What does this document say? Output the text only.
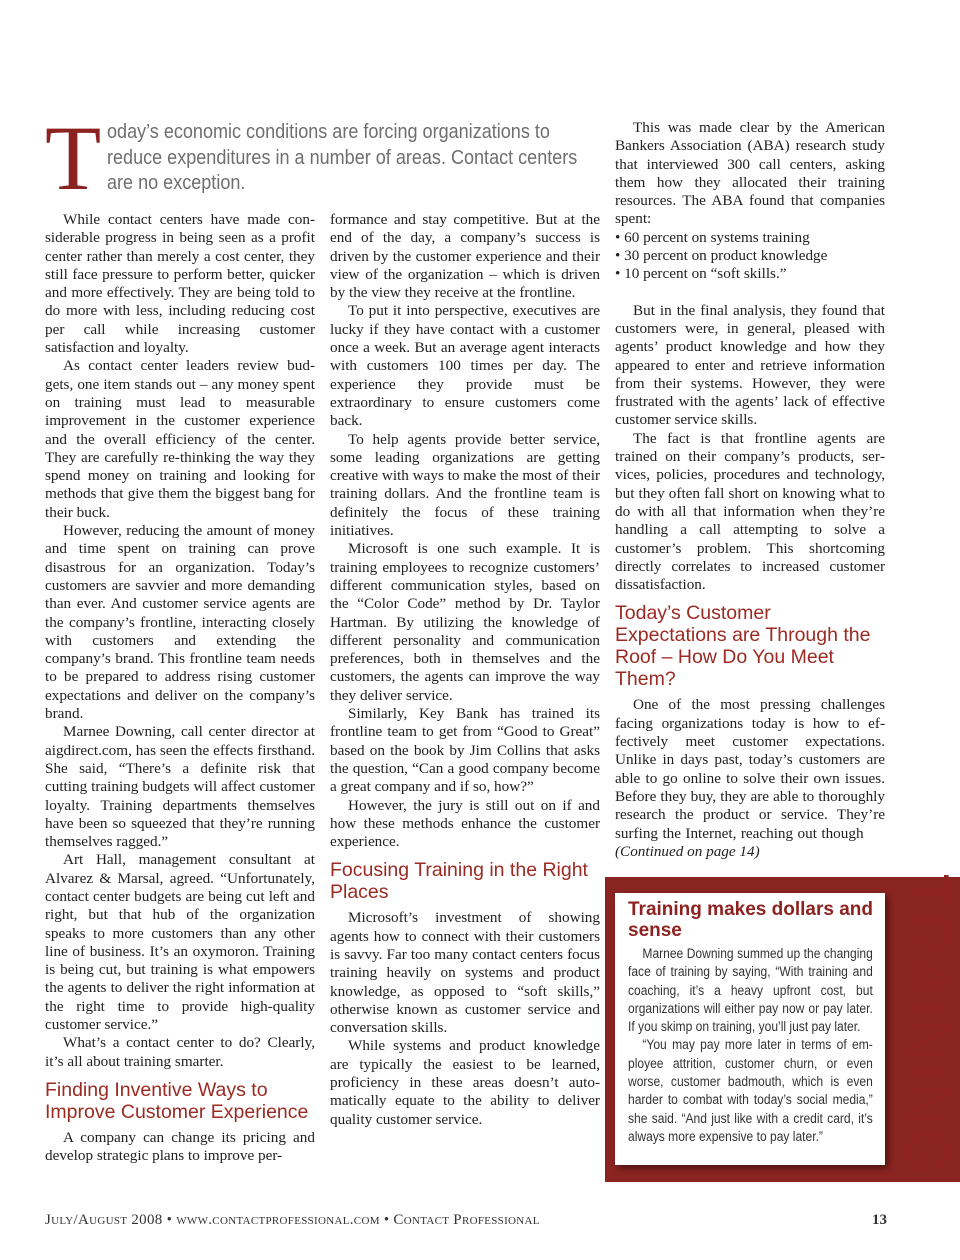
T oday’s economic conditions are forcing organizations to reduce expenditures in a number of areas. Contact centers are no exception.

While contact centers have made considerable progress in being seen as a profit center rather than merely a cost center, they still face pressure to perform better, quicker and more effectively. They are being told to do more with less, including reducing cost per call while increasing customer satisfaction and loyalty.

As contact center leaders review budgets, one item stands out – any money spent on training must lead to measurable improvement in the customer experience and the overall efficiency of the center. They are carefully re-thinking the way they spend money on training and looking for methods that give them the biggest bang for their buck.

However, reducing the amount of money and time spent on training can prove disastrous for an organization. Today’s customers are savvier and more demanding than ever. And customer service agents are the company’s frontline, interacting closely with customers and extending the company’s brand. This frontline team needs to be prepared to address rising customer expectations and deliver on the company’s brand.

Marnee Downing, call center director at aigdirect.com, has seen the effects firsthand. She said, “There’s a definite risk that cutting training budgets will affect customer loyalty. Training departments themselves have been so squeezed that they’re running themselves ragged.”

Art Hall, management consultant at Alvarez & Marsal, agreed. “Unfortunately, contact center budgets are being cut left and right, but that hub of the organization speaks to more customers than any other line of business. It’s an oxymoron. Training is being cut, but training is what empowers the agents to deliver the right information at the right time to provide high-quality customer service.”

What’s a contact center to do? Clearly, it’s all about training smarter.

Finding Inventive Ways to Improve Customer Experience

A company can change its pricing and develop strategic plans to improve per-

formance and stay competitive. But at the end of the day, a company’s success is driven by the customer experience and their view of the organization – which is driven by the view they receive at the frontline.

To put it into perspective, executives are lucky if they have contact with a customer once a week. But an average agent interacts with customers 100 times per day. The experience they provide must be extraordinary to ensure customers come back.

To help agents provide better service, some leading organizations are getting creative with ways to make the most of their training dollars. And the frontline team is definitely the focus of these training initiatives.

Microsoft is one such example. It is training employees to recognize customers’ different communication styles, based on the “Color Code” method by Dr. Taylor Hartman. By utilizing the knowledge of different personality and communication preferences, both in themselves and the customers, the agents can improve the way they deliver service.

Similarly, Key Bank has trained its frontline team to get from “Good to Great” based on the book by Jim Collins that asks the question, “Can a good company become a great company and if so, how?”

However, the jury is still out on if and how these methods enhance the customer experience.

Focusing Training in the Right Places

Microsoft’s investment of showing agents how to connect with their customers is savvy. Far too many contact centers focus training heavily on systems and product knowledge, as opposed to “soft skills,” otherwise known as customer service and conversation skills.

While systems and product knowledge are typically the easiest to be learned, proficiency in these areas doesn’t automatically equate to the ability to deliver quality customer service.

This was made clear by the American Bankers Association (ABA) research study that interviewed 300 call centers, asking them how they allocated their training resources. The ABA found that companies spent:

• 60 percent on systems training
• 30 percent on product knowledge
• 10 percent on “soft skills.”

But in the final analysis, they found that customers were, in general, pleased with agents’ product knowledge and how they appeared to enter and retrieve information from their systems. However, they were frustrated with the agents’ lack of effective customer service skills.

The fact is that frontline agents are trained on their company’s products, services, policies, procedures and technology, but they often fall short on knowing what to do with all that information when they’re handling a call attempting to solve a customer’s problem. This shortcoming directly correlates to increased customer dissatisfaction.

Today’s Customer Expectations are Through the Roof – How Do You Meet Them?

One of the most pressing challenges facing organizations today is how to effectively meet customer expectations. Unlike in days past, today’s customers are able to go online to solve their own issues. Before they buy, they are able to thoroughly research the product or service. They’re surfing the Internet, reaching out though      (Continued on page 14)

Training makes dollars and sense

Marnee Downing summed up the changing face of training by saying, “With training and coaching, it’s a heavy upfront cost, but organizations will either pay now or pay later. If you skimp on training, you’ll just pay later.

“You may pay more later in terms of employee attrition, customer churn, or even worse, customer badmouth, which is even harder to combat with today’s social media,” she said. “And just like with a credit card, it’s always more expensive to pay later.”	TRAINING
July/August 2008 • www.contactprofessional.com • Contact Professional	13
